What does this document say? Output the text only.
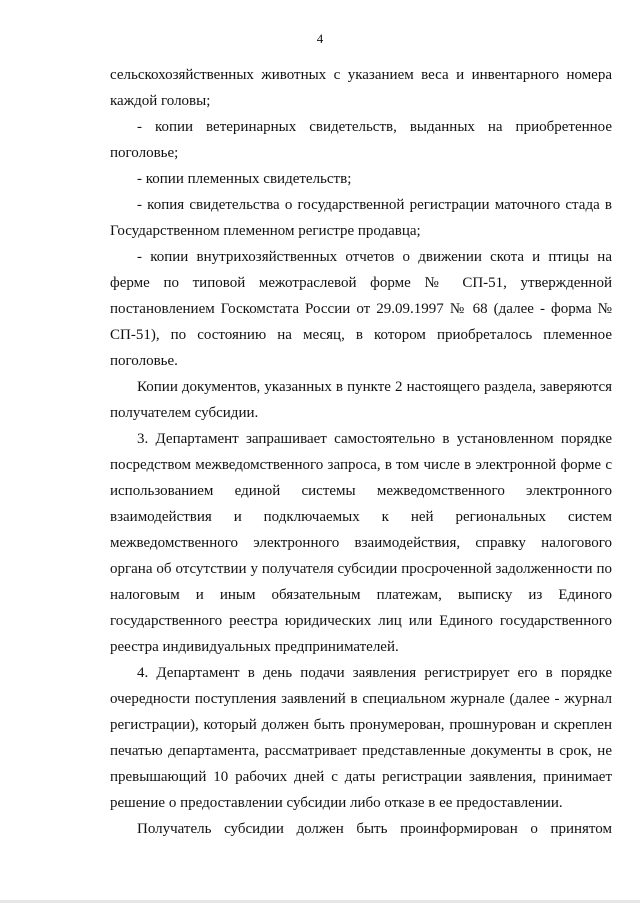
4

сельскохозяйственных животных с указанием веса и инвентарного номера каждой головы;

- копии ветеринарных свидетельств, выданных на приобретенное поголовье;

- копии племенных свидетельств;

- копия свидетельства о государственной регистрации маточного стада в Государственном племенном регистре продавца;

- копии внутрихозяйственных отчетов о движении скота и птицы на ферме по типовой межотраслевой форме № СП-51, утвержденной постановлением Госкомстата России от 29.09.1997 № 68 (далее - форма № СП-51), по состоянию на месяц, в котором приобреталось племенное поголовье.

Копии документов, указанных в пункте 2 настоящего раздела, заверяются получателем субсидии.

3. Департамент запрашивает самостоятельно в установленном порядке посредством межведомственного запроса, в том числе в электронной форме с использованием единой системы межведомственного электронного взаимодействия и подключаемых к ней региональных систем межведомственного электронного взаимодействия, справку налогового органа об отсутствии у получателя субсидии просроченной задолженности по налоговым и иным обязательным платежам, выписку из Единого государственного реестра юридических лиц или Единого государственного реестра индивидуальных предпринимателей.

4. Департамент в день подачи заявления регистрирует его в порядке очередности поступления заявлений в специальном журнале (далее - журнал регистрации), который должен быть пронумерован, прошнурован и скреплен печатью департамента, рассматривает представленные документы в срок, не превышающий 10 рабочих дней с даты регистрации заявления, принимает решение о предоставлении субсидии либо отказе в ее предоставлении.

Получатель субсидии должен быть проинформирован о принятом
